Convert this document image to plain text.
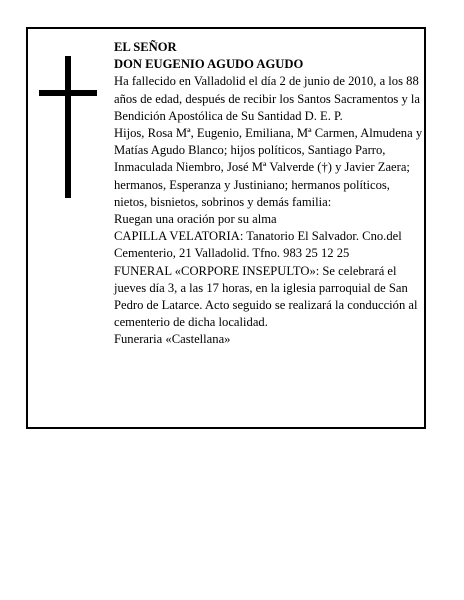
EL SEÑOR

DON EUGENIO AGUDO AGUDO

Ha fallecido en Valladolid el día 2 de junio de 2010, a los 88 años de edad, después de recibir los Santos Sacramentos y la Bendición Apostólica de Su Santidad D. E. P.

Hijos, Rosa Mª, Eugenio, Emiliana, Mª Carmen, Almudena y Matías Agudo Blanco; hijos políticos, Santiago Parro, Inmaculada Niembro, José Mª Valverde (†) y Javier Zaera; hermanos, Esperanza y Justiniano; hermanos políticos, nietos, bisnietos, sobrinos y demás familia:

Ruegan una oración por su alma

CAPILLA VELATORIA: Tanatorio El Salvador. Cno.del Cementerio, 21 Valladolid. Tfno. 983 25 12 25

FUNERAL «CORPORE INSEPULTO»: Se celebrará el jueves día 3, a las 17 horas, en la iglesia parroquial de San Pedro de Latarce. Acto seguido se realizará la conducción al cementerio de dicha localidad.

Funeraria «Castellana»
